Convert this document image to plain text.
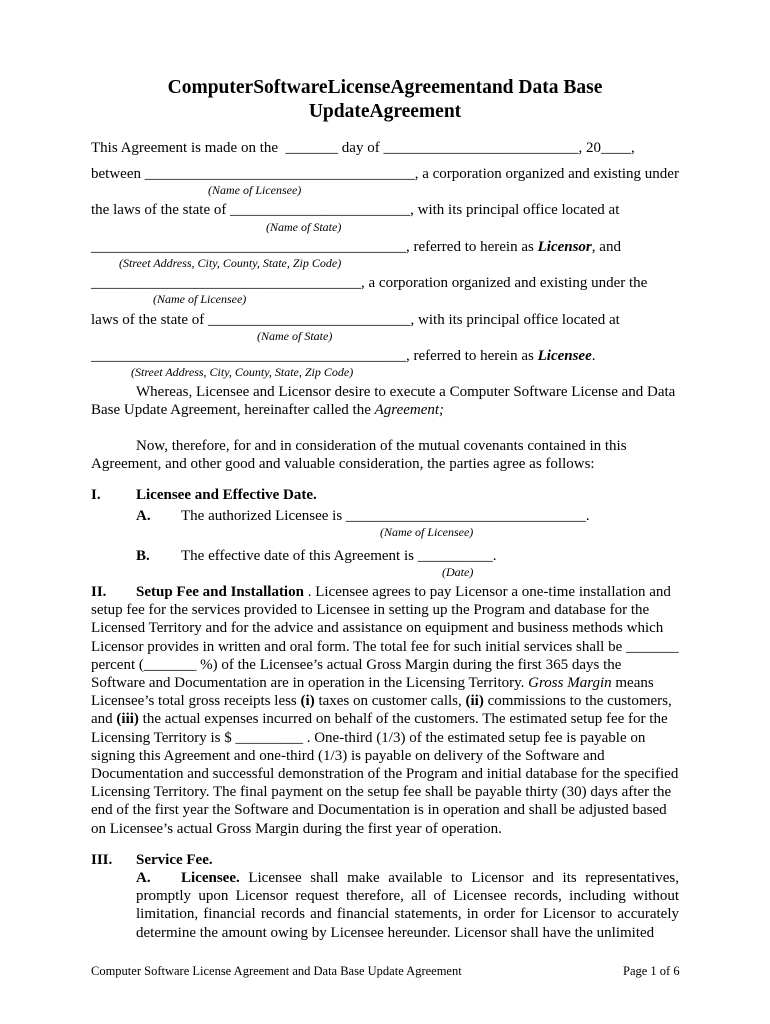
ComputerSoftwareLicenseAgreementand Data Base
UpdateAgreement
This Agreement is made on the  _______ day of __________________________, 20____,
between ____________________________________, a corporation organized and existing under
(Name of Licensee)
the laws of the state of ________________________, with its principal office located at
(Name of State)
__________________________________________, referred to herein as Licensor, and
(Street Address, City, County, State, Zip Code)
____________________________________, a corporation organized and existing under the
(Name of Licensee)
laws of the state of ___________________________, with its principal office located at
(Name of State)
__________________________________________, referred to herein as Licensee.
(Street Address, City, County, State, Zip Code)

Whereas, Licensee and Licensor desire to execute a Computer Software License and Data Base Update Agreement, hereinafter called the Agreement;

Now, therefore, for and in consideration of the mutual covenants contained in this Agreement, and other good and valuable consideration, the parties agree as follows:

I. Licensee and Effective Date.
A. The authorized Licensee is ________________________________.
(Name of Licensee)
B. The effective date of this Agreement is __________.
(Date)

II. Setup Fee and Installation . Licensee agrees to pay Licensor a one-time installation and setup fee for the services provided to Licensee in setting up the Program and database for the Licensed Territory and for the advice and assistance on equipment and business methods which Licensor provides in written and oral form. The total fee for such initial services shall be _______ percent (_______ %) of the Licensee’s actual Gross Margin during the first 365 days the Software and Documentation are in operation in the Licensing Territory. Gross Margin means Licensee’s total gross receipts less (i) taxes on customer calls, (ii) commissions to the customers, and (iii) the actual expenses incurred on behalf of the customers. The estimated setup fee for the Licensing Territory is $ _________ . One-third (1/3) of the estimated setup fee is payable on signing this Agreement and one-third (1/3) is payable on delivery of the Software and Documentation and successful demonstration of the Program and initial database for the specified Licensing Territory. The final payment on the setup fee shall be payable thirty (30) days after the end of the first year the Software and Documentation is in operation and shall be adjusted based on Licensee’s actual Gross Margin during the first year of operation.

III. Service Fee.

A. Licensee. Licensee shall make available to Licensor and its representatives, promptly upon Licensor request therefore, all of Licensee records, including without limitation, financial records and financial statements, in order for Licensor to accurately determine the amount owing by Licensee hereunder. Licensor shall have the unlimited

Computer Software License Agreement and Data Base Update Agreement	Page 1 of 6
